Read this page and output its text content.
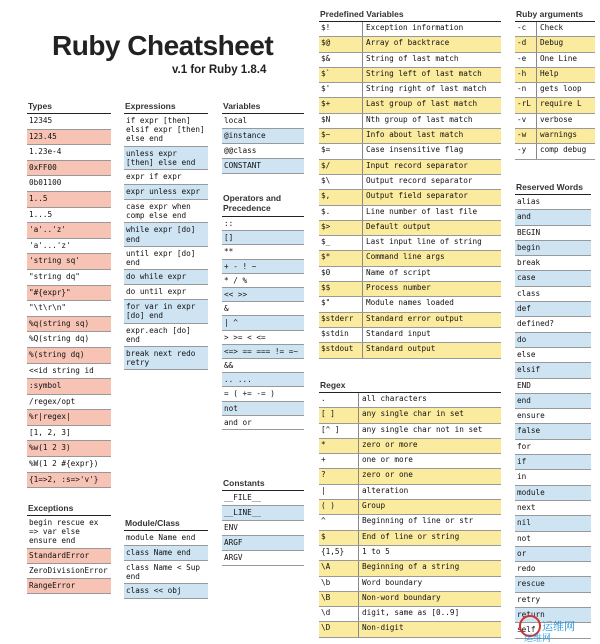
Ruby Cheatsheet
v.1 for Ruby 1.8.4
Types	Expressions	Variables
Operators and Precedence
Constants
Exceptions
Module/Class
Predefined Variables
Regex
Ruby arguments
Reserved Words
12345
123.45
1.23e-4
0xFF00
0b01100
1..5
1...5
'a'..'z'
'a'...'z'
'string sq'
"string dq"
"#{expr}"
"\t\r\n"
%q(string sq)
%Q(string dq)
%(string dq)
<<id string id
:symbol
/regex/opt
%r|regex|
[1, 2, 3]
%w(1 2 3)
%W(1 2 #{expr})
{1=>2, :s=>'v'}
if expr [then] elsif expr [then] else end
unless expr [then] else end
expr if expr
expr unless expr
case expr when comp else end
while expr [do] end
until expr [do] end
do while expr
do until expr
for var in expr [do] end
expr.each [do] end
break next redo retry
local
@instance
@@class
CONSTANT
::
[]
**
+ - ! ~
* / %
<< >>
&
| ^
> >= < <=
<=> == === != =~
&&
.. ...
= ( += -= )
not
and or
__FILE__
__LINE__
ENV
ARGF
ARGV
begin rescue ex => var else ensure end
StandardError
ZeroDivisionError
RangeError
module Name end
class Name end
class Name < Sup end
class << obj
$!	Exception information
$@	Array of backtrace
$&	String of last match
$`	String left of last match
$'	String right of last match
$+	Last group of last match
$N	Nth group of last match
$~	Info about last match
$=	Case insensitive flag
$/	Input record separator
$\	Output record separator
$,	Output field separator
$.	Line number of last file
$>	Default output
$_	Last input line of string
$*	Command line args
$0	Name of script
$$	Process number
$"	Module names loaded
$stderr	Standard error output
$stdin	Standard input
$stdout	Standard output
.	all characters
[ ]	any single char in set
[^ ]	any single char not in set
*	zero or more
+	one or more
?	zero or one
|	alteration
( )	Group
^	Beginning of line or str
$	End of line or string
{1,5}	1 to 5
\A	Beginning of a string
\b	Word boundary
\B	Non-word boundary
\d	digit, same as [0..9]
\D	Non-digit
-c	Check
-d	Debug
-e	One Line
-h	Help
-n	gets loop
-rL	require L
-v	verbose
-w	warnings
-y	comp debug
alias
and
BEGIN
begin
break
case
class
def
defined?
do
else
elsif
END
end
ensure
false
for
if
in
module
next
nil
not
or
redo
rescue
retry
return
self
运维网
运维网
